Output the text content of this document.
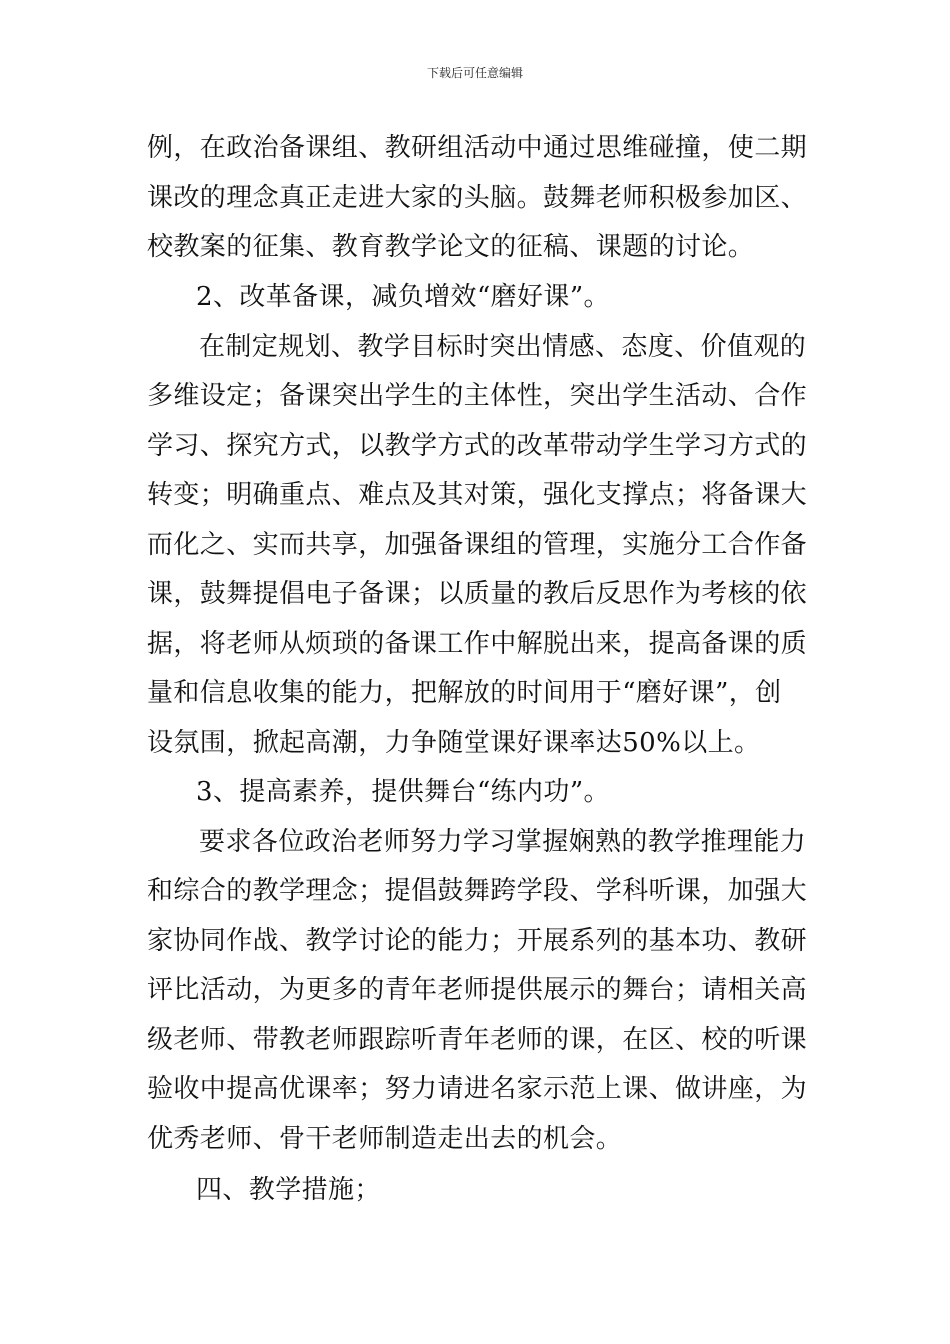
下载后可任意编辑
例，在政治备课组、教研组活动中通过思维碰撞，使二期
课改的理念真正走进大家的头脑。鼓舞老师积极参加区、
校教案的征集、教育教学论文的征稿、课题的讨论。
2、改革备课，减负增效“磨好课”。
在制定规划、教学目标时突出情感、态度、价值观的
多维设定；备课突出学生的主体性，突出学生活动、合作
学习、探究方式，以教学方式的改革带动学生学习方式的
转变；明确重点、难点及其对策，强化支撑点；将备课大
而化之、实而共享，加强备课组的管理，实施分工合作备
课，鼓舞提倡电子备课；以质量的教后反思作为考核的依
据，将老师从烦琐的备课工作中解脱出来，提高备课的质
量和信息收集的能力，把解放的时间用于“磨好课”，创
设氛围，掀起高潮，力争随堂课好课率达50%以上。
3、提高素养，提供舞台“练内功”。
要求各位政治老师努力学习掌握娴熟的教学推理能力
和综合的教学理念；提倡鼓舞跨学段、学科听课，加强大
家协同作战、教学讨论的能力；开展系列的基本功、教研
评比活动，为更多的青年老师提供展示的舞台；请相关高
级老师、带教老师跟踪听青年老师的课，在区、校的听课
验收中提高优课率；努力请进名家示范上课、做讲座，为
优秀老师、骨干老师制造走出去的机会。
四、教学措施；
